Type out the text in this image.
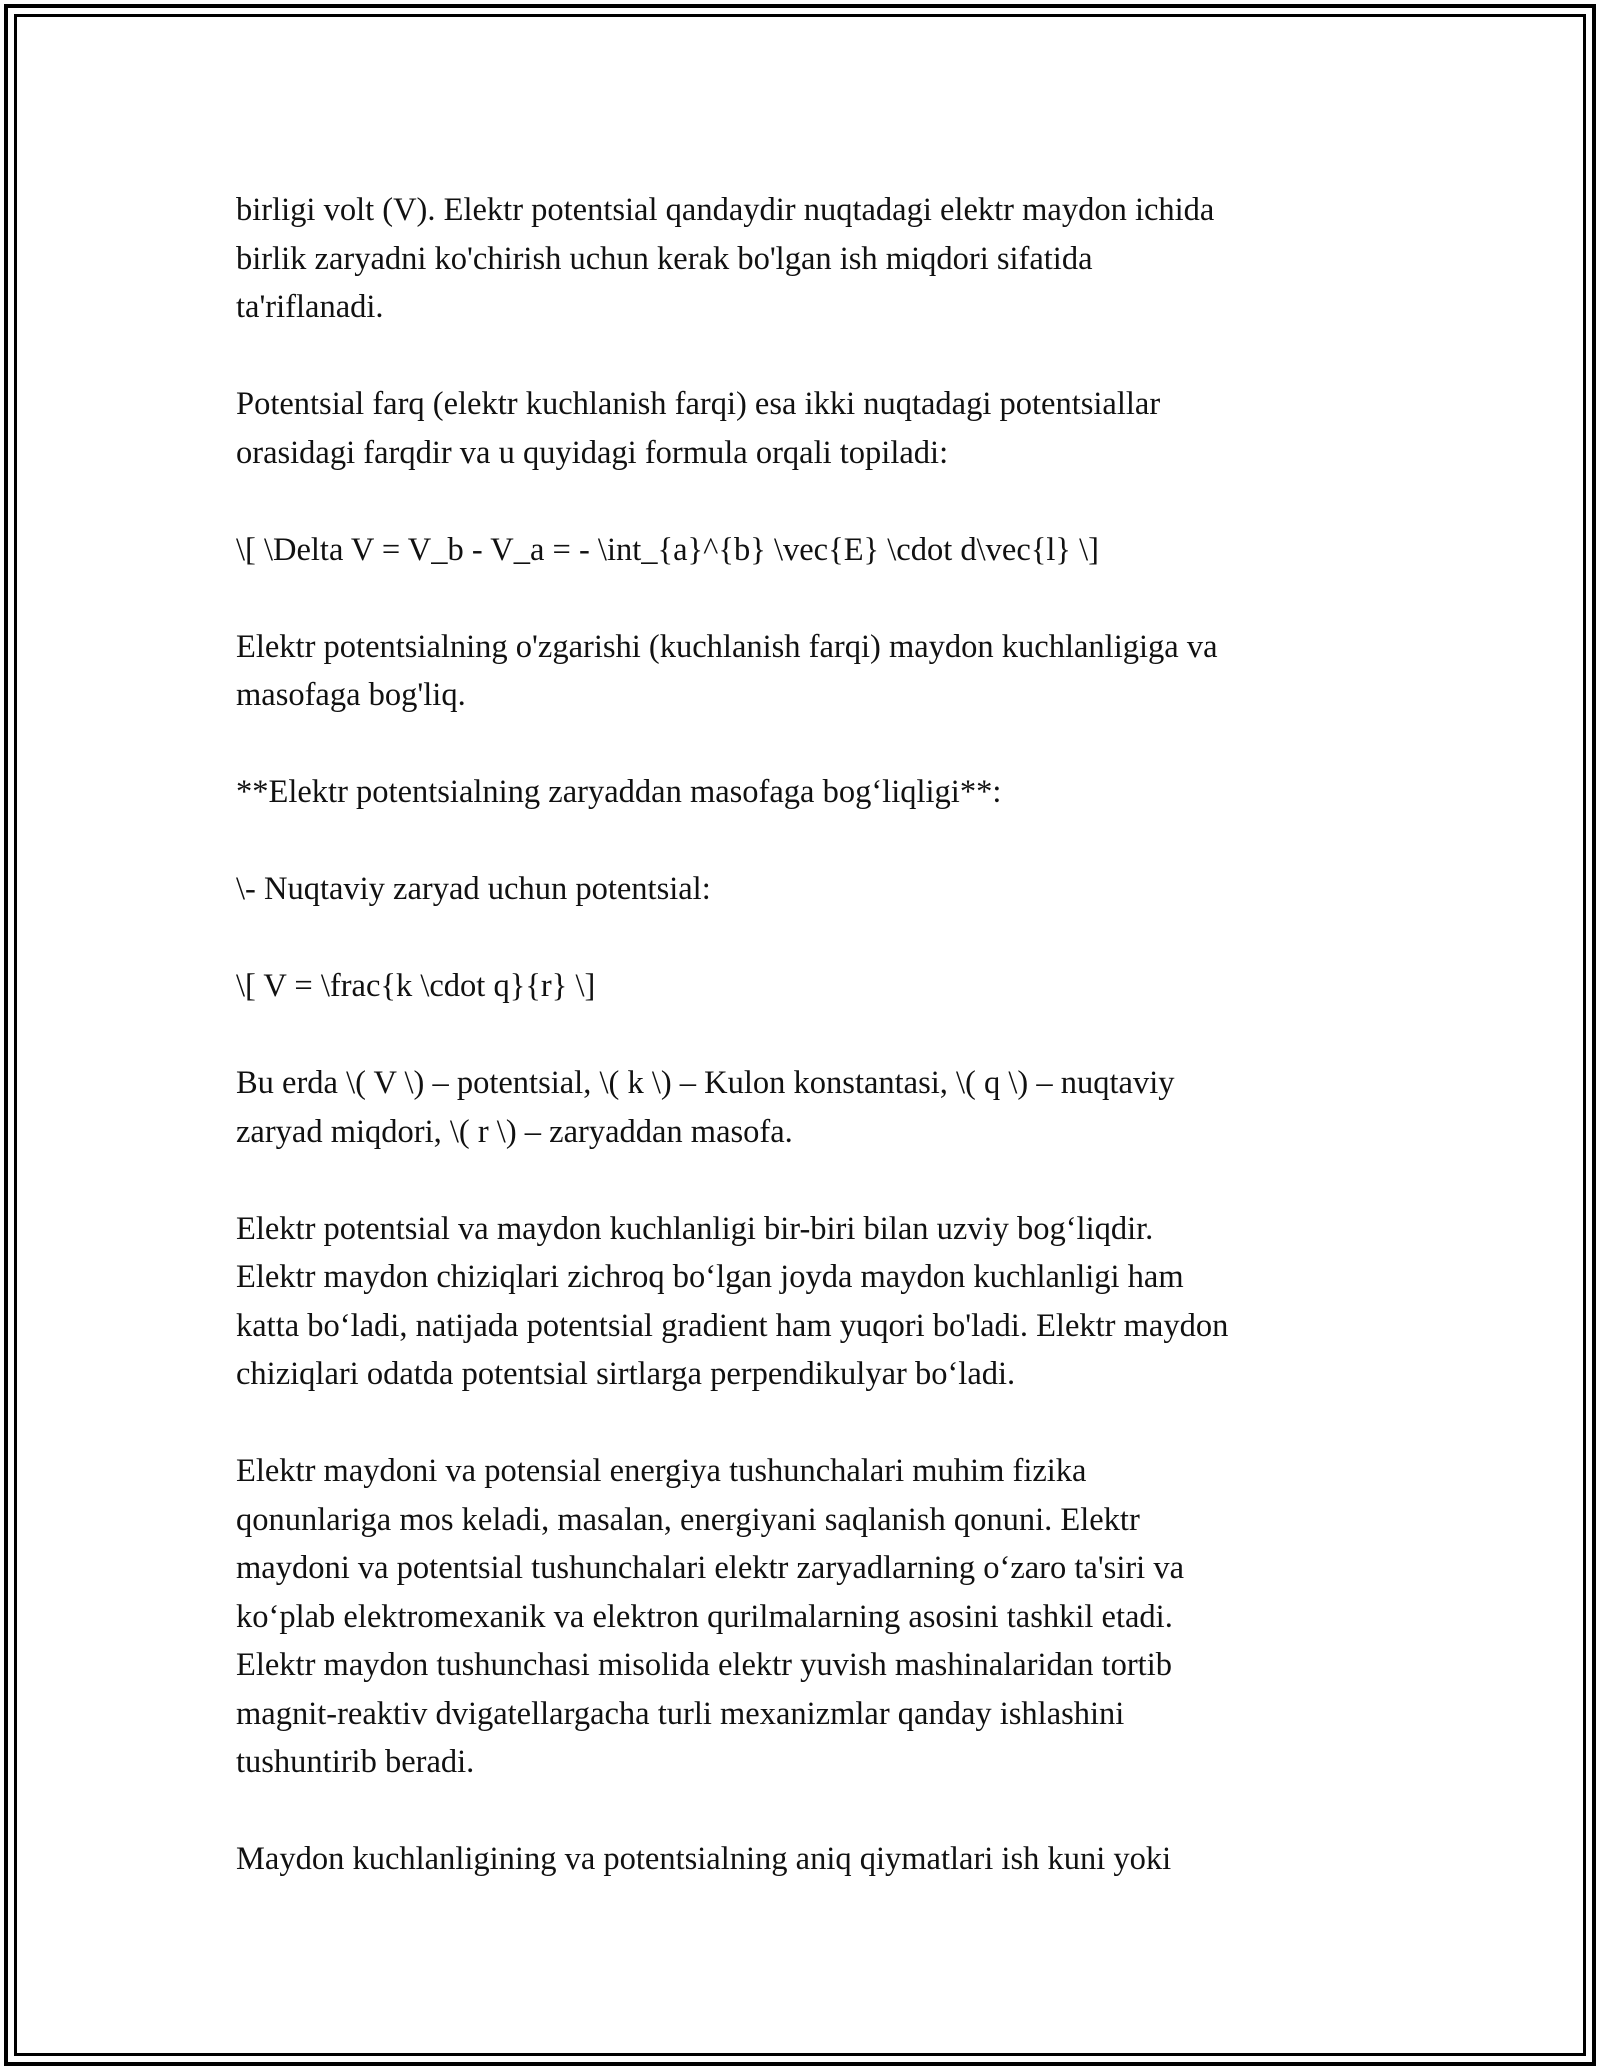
birligi volt (V). Elektr potentsial qandaydir nuqtadagi elektr maydon ichida
birlik zaryadni ko'chirish uchun kerak bo'lgan ish miqdori sifatida
ta'riflanadi.

Potentsial farq (elektr kuchlanish farqi) esa ikki nuqtadagi potentsiallar
orasidagi farqdir va u quyidagi formula orqali topiladi:

\[ \Delta V = V_b - V_a = - \int_{a}^{b} \vec{E} \cdot d\vec{l} \]

Elektr potentsialning o'zgarishi (kuchlanish farqi) maydon kuchlanligiga va
masofaga bog'liq.

**Elektr potentsialning zaryaddan masofaga bog‘liqligi**:

\- Nuqtaviy zaryad uchun potentsial:

\[ V = \frac{k \cdot q}{r} \]

Bu erda \( V \) – potentsial, \( k \) – Kulon konstantasi, \( q \) – nuqtaviy
zaryad miqdori, \( r \) – zaryaddan masofa.

Elektr potentsial va maydon kuchlanligi bir-biri bilan uzviy bog‘liqdir.
Elektr maydon chiziqlari zichroq bo‘lgan joyda maydon kuchlanligi ham
katta bo‘ladi, natijada potentsial gradient ham yuqori bo'ladi. Elektr maydon
chiziqlari odatda potentsial sirtlarga perpendikulyar bo‘ladi.

Elektr maydoni va potensial energiya tushunchalari muhim fizika
qonunlariga mos keladi, masalan, energiyani saqlanish qonuni. Elektr
maydoni va potentsial tushunchalari elektr zaryadlarning o‘zaro ta'siri va
ko‘plab elektromexanik va elektron qurilmalarning asosini tashkil etadi.
Elektr maydon tushunchasi misolida elektr yuvish mashinalaridan tortib
magnit-reaktiv dvigatellargacha turli mexanizmlar qanday ishlashini
tushuntirib beradi.

Maydon kuchlanligining va potentsialning aniq qiymatlari ish kuni yoki
